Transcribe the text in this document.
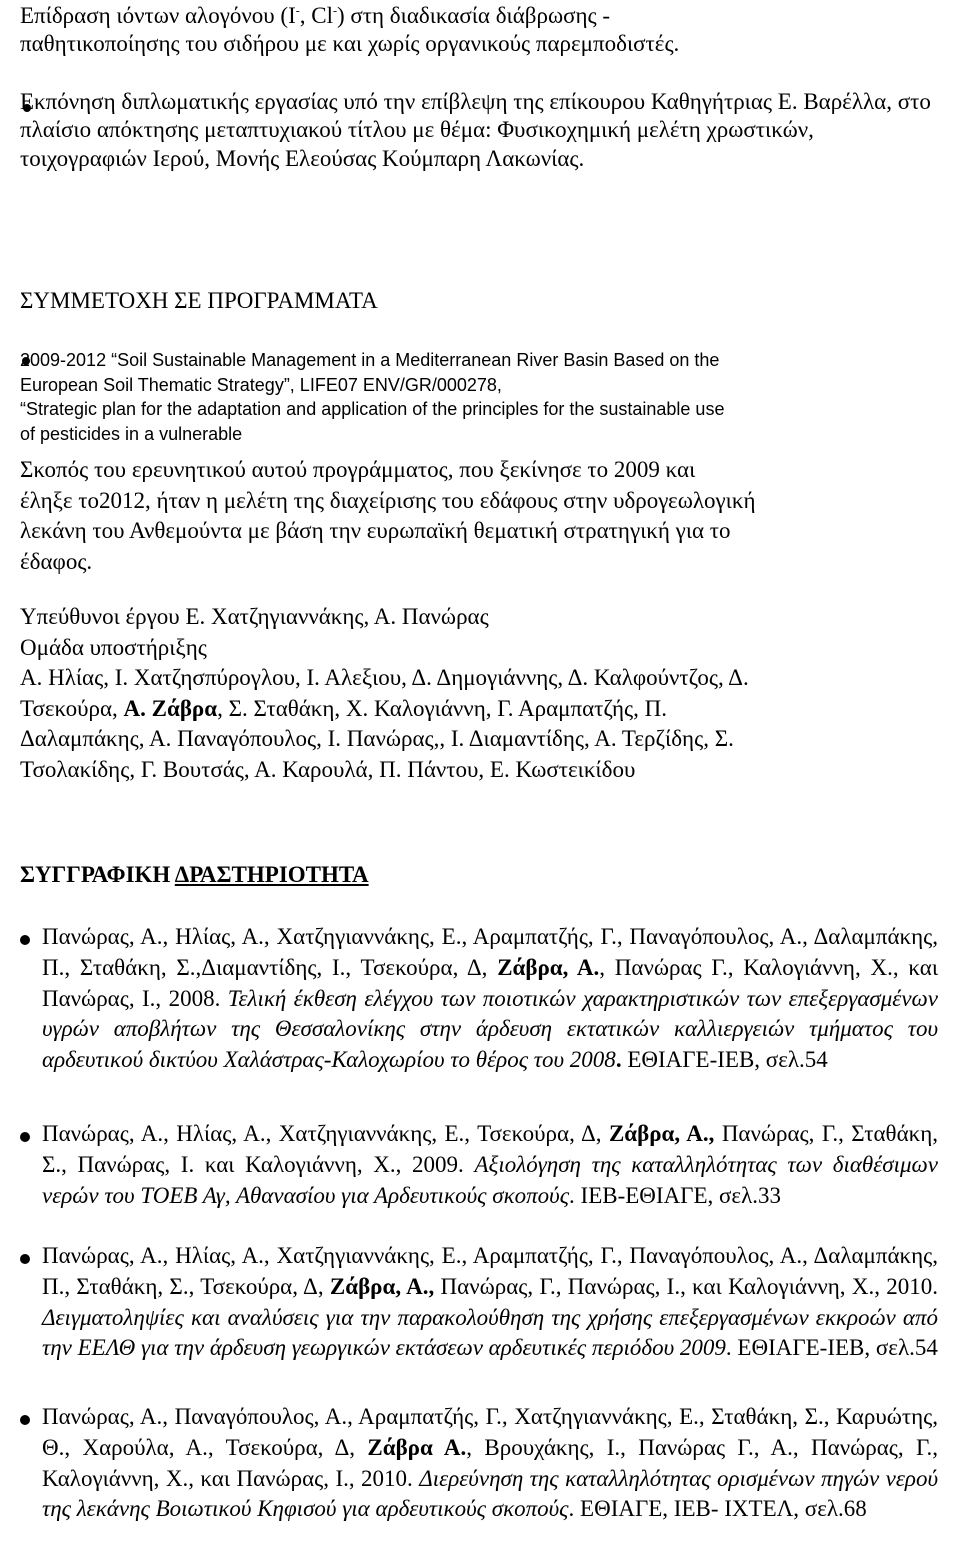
Επίδραση ιόντων αλογόνου (I-, Cl-) στη διαδικασία διάβρωσης -

παθητικοποίησης του σιδήρου με και χωρίς οργανικούς παρεμποδιστές.

Εκπόνηση διπλωματικής εργασίας υπό την επίβλεψη της επίκουρου Καθηγήτριας Ε. Βαρέλλα, στο πλαίσιο απόκτησης μεταπτυχιακού τίτλου με θέμα: Φυσικοχημική μελέτη χρωστικών, τοιχογραφιών Ιερού, Μονής Ελεούσας Κούμπαρη Λακωνίας.

ΣΥΜΜΕΤΟΧΗ ΣΕ ΠΡΟΓΡΑΜΜΑΤΑ

2009-2012 “Soil Sustainable Management in a Mediterranean River Basin Based on the

European Soil Thematic Strategy”, LIFE07 ENV/GR/000278,

“Strategic plan for the adaptation and application of the principles for the sustainable use

of pesticides in a vulnerable

Σκοπός του ερευνητικού αυτού προγράμματος, που ξεκίνησε το 2009 και

έληξε το2012, ήταν η μελέτη της διαχείρισης του εδάφους στην υδρογεωλογική

λεκάνη του Ανθεμούντα με βάση την ευρωπαϊκή θεματική στρατηγική για το

έδαφος.

Υπεύθυνοι έργου Ε. Χατζηγιαννάκης, Α. Πανώρας

Ομάδα υποστήριξης

Α. Ηλίας, Ι. Χατζησπύρογλου, Ι. Αλεξιου, Δ. Δημογιάννης, Δ. Καλφούντζος, Δ.

Τσεκούρα, Α. Ζάβρα, Σ. Σταθάκη, Χ. Καλογιάννη, Γ. Αραμπατζής, Π.

Δαλαμπάκης, Α. Παναγόπουλος, Ι. Πανώρας,, Ι. Διαμαντίδης, Α. Τερζίδης, Σ.

Τσολακίδης, Γ. Βουτσάς, Α. Καρουλά, Π. Πάντου, Ε. Κωστεικίδου

ΣΥΓΓΡΑΦΙΚΗ ΔΡΑΣΤΗΡΙΟΤΗΤΑ

Πανώρας, Α., Ηλίας, Α., Χατζηγιαννάκης, Ε., Αραμπατζής, Γ., Παναγόπουλος, Α., Δαλαμπάκης, Π., Σταθάκη, Σ.,Διαμαντίδης, Ι., Τσεκούρα, Δ, Ζάβρα, Α., Πανώρας Γ., Καλογιάννη, Χ., και Πανώρας, Ι., 2008. Τελική έκθεση ελέγχου των ποιοτικών χαρακτηριστικών των επεξεργασμένων υγρών αποβλήτων της Θεσσαλονίκης στην άρδευση εκτατικών καλλιεργειών τμήματος του αρδευτικού δικτύου Χαλάστρας-Καλοχωρίου το θέρος του 2008. ΕΘΙΑΓΕ-ΙΕΒ, σελ.54

Πανώρας, Α., Ηλίας, Α., Χατζηγιαννάκης, Ε., Τσεκούρα, Δ, Ζάβρα, Α., Πανώρας, Γ., Σταθάκη, Σ., Πανώρας, Ι. και Καλογιάννη, Χ., 2009. Αξιολόγηση της καταλληλότητας των διαθέσιμων νερών του ΤΟΕΒ Αγ, Αθανασίου για Αρδευτικούς σκοπούς. ΙΕΒ-ΕΘΙΑΓΕ, σελ.33

Πανώρας, Α., Ηλίας, Α., Χατζηγιαννάκης, Ε., Αραμπατζής, Γ., Παναγόπουλος, Α., Δαλαμπάκης, Π., Σταθάκη, Σ., Τσεκούρα, Δ, Ζάβρα, Α., Πανώρας, Γ., Πανώρας, Ι., και Καλογιάννη, Χ., 2010. Δειγματοληψίες και αναλύσεις για την παρακολούθηση της χρήσης επεξεργασμένων εκκροών από την ΕΕΛΘ για την άρδευση γεωργικών εκτάσεων αρδευτικές περιόδου 2009. ΕΘΙΑΓΕ-ΙΕΒ, σελ.54

Πανώρας, Α., Παναγόπουλος, Α., Αραμπατζής, Γ., Χατζηγιαννάκης, Ε., Σταθάκη, Σ., Καρυώτης, Θ., Χαρούλα, Α., Τσεκούρα, Δ, Ζάβρα Α., Βρουχάκης, Ι., Πανώρας Γ., Α., Πανώρας, Γ., Καλογιάννη, Χ., και Πανώρας, Ι., 2010. Διερεύνηση της καταλληλότητας ορισμένων πηγών νερού της λεκάνης Βοιωτικού Κηφισού για αρδευτικούς σκοπούς. ΕΘΙΑΓΕ, ΙΕΒ- ΙΧΤΕΛ, σελ.68
